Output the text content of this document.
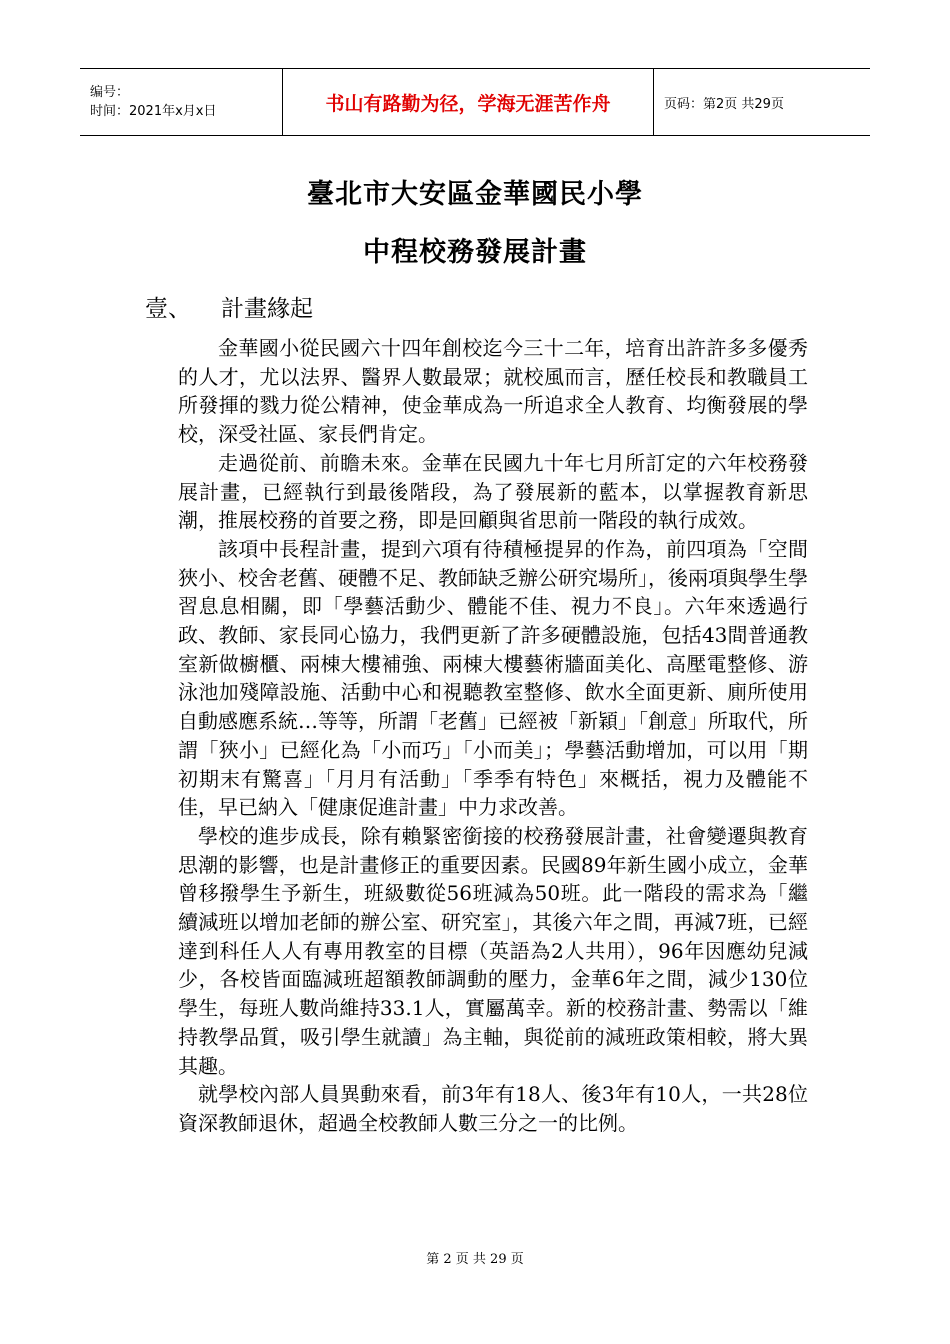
编号：
时间：2021年x月x日	书山有路勤为径，学海无涯苦作舟	页码：第2页 共29页
臺北市大安區金華國民小學
中程校務發展計畫
壹、 計畫緣起

金華國小從民國六十四年創校迄今三十二年，培育出許許多多優秀的人才，尤以法界、醫界人數最眾；就校風而言，歷任校長和教職員工所發揮的戮力從公精神，使金華成為一所追求全人教育、均衡發展的學校，深受社區、家長們肯定。

走過從前、前瞻未來。金華在民國九十年七月所訂定的六年校務發展計畫，已經執行到最後階段，為了發展新的藍本，以掌握教育新思潮，推展校務的首要之務，即是回顧與省思前一階段的執行成效。

該項中長程計畫，提到六項有待積極提昇的作為，前四項為「空間狹小、校舍老舊、硬體不足、教師缺乏辦公研究場所」，後兩項與學生學習息息相關，即「學藝活動少、體能不佳、視力不良」。六年來透過行政、教師、家長同心協力，我們更新了許多硬體設施，包括43間普通教室新做櫥櫃、兩棟大樓補強、兩棟大樓藝術牆面美化、高壓電整修、游泳池加殘障設施、活動中心和視聽教室整修、飲水全面更新、廁所使用自動感應系統…等等，所謂「老舊」已經被「新穎」「創意」所取代，所謂「狹小」已經化為「小而巧」「小而美」；學藝活動增加，可以用「期初期末有驚喜」「月月有活動」「季季有特色」來概括，視力及體能不佳，早已納入「健康促進計畫」中力求改善。

學校的進步成長，除有賴緊密銜接的校務發展計畫，社會變遷與教育思潮的影響，也是計畫修正的重要因素。民國89年新生國小成立，金華曾移撥學生予新生，班級數從56班減為50班。此一階段的需求為「繼續減班以增加老師的辦公室、研究室」，其後六年之間，再減7班，已經達到科任人人有專用教室的目標（英語為2人共用），96年因應幼兒減少，各校皆面臨減班超額教師調動的壓力，金華6年之間，減少130位學生，每班人數尚維持33.1人，實屬萬幸。新的校務計畫、勢需以「維持教學品質，吸引學生就讀」為主軸，與從前的減班政策相較，將大異其趣。

就學校內部人員異動來看，前3年有18人、後3年有10人，一共28位資深教師退休，超過全校教師人數三分之一的比例。

第 2 页 共 29 页
